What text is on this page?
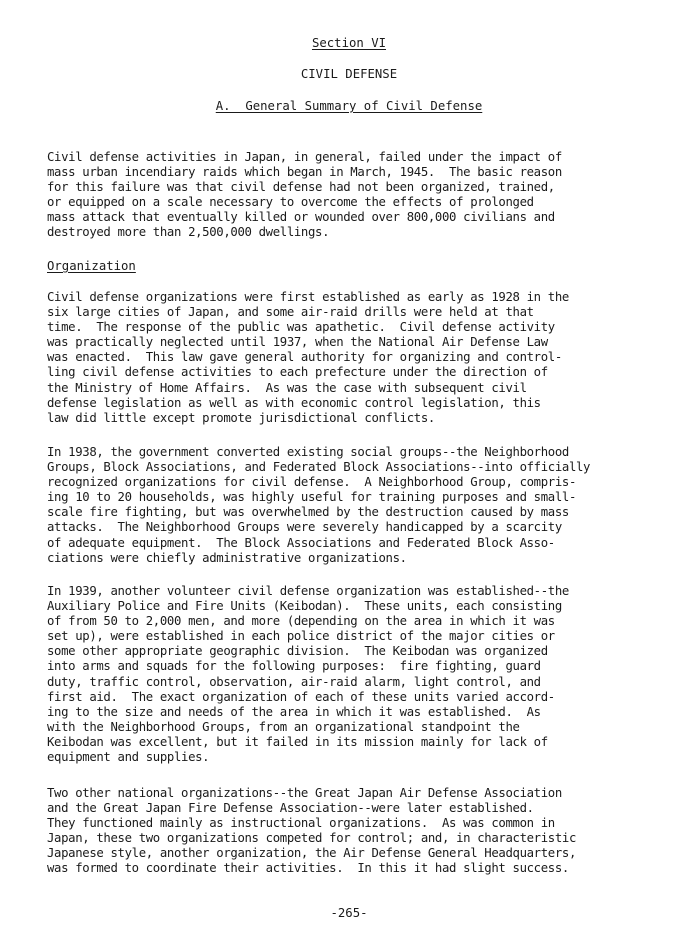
Section VI
CIVIL DEFENSE
A.  General Summary of Civil Defense
Civil defense activities in Japan, in general, failed under the impact of
mass urban incendiary raids which began in March, 1945.  The basic reason
for this failure was that civil defense had not been organized, trained,
or equipped on a scale necessary to overcome the effects of prolonged
mass attack that eventually killed or wounded over 800,000 civilians and
destroyed more than 2,500,000 dwellings.
Organization
Civil defense organizations were first established as early as 1928 in the
six large cities of Japan, and some air-raid drills were held at that
time.  The response of the public was apathetic.  Civil defense activity
was practically neglected until 1937, when the National Air Defense Law
was enacted.  This law gave general authority for organizing and control-
ling civil defense activities to each prefecture under the direction of
the Ministry of Home Affairs.  As was the case with subsequent civil
defense legislation as well as with economic control legislation, this
law did little except promote jurisdictional conflicts.
In 1938, the government converted existing social groups--the Neighborhood
Groups, Block Associations, and Federated Block Associations--into officially
recognized organizations for civil defense.  A Neighborhood Group, compris-
ing 10 to 20 households, was highly useful for training purposes and small-
scale fire fighting, but was overwhelmed by the destruction caused by mass
attacks.  The Neighborhood Groups were severely handicapped by a scarcity
of adequate equipment.  The Block Associations and Federated Block Asso-
ciations were chiefly administrative organizations.
In 1939, another volunteer civil defense organization was established--the
Auxiliary Police and Fire Units (Keibodan).  These units, each consisting
of from 50 to 2,000 men, and more (depending on the area in which it was
set up), were established in each police district of the major cities or
some other appropriate geographic division.  The Keibodan was organized
into arms and squads for the following purposes:  fire fighting, guard
duty, traffic control, observation, air-raid alarm, light control, and
first aid.  The exact organization of each of these units varied accord-
ing to the size and needs of the area in which it was established.  As
with the Neighborhood Groups, from an organizational standpoint the
Keibodan was excellent, but it failed in its mission mainly for lack of
equipment and supplies.
Two other national organizations--the Great Japan Air Defense Association
and the Great Japan Fire Defense Association--were later established.
They functioned mainly as instructional organizations.  As was common in
Japan, these two organizations competed for control; and, in characteristic
Japanese style, another organization, the Air Defense General Headquarters,
was formed to coordinate their activities.  In this it had slight success.
-265-
